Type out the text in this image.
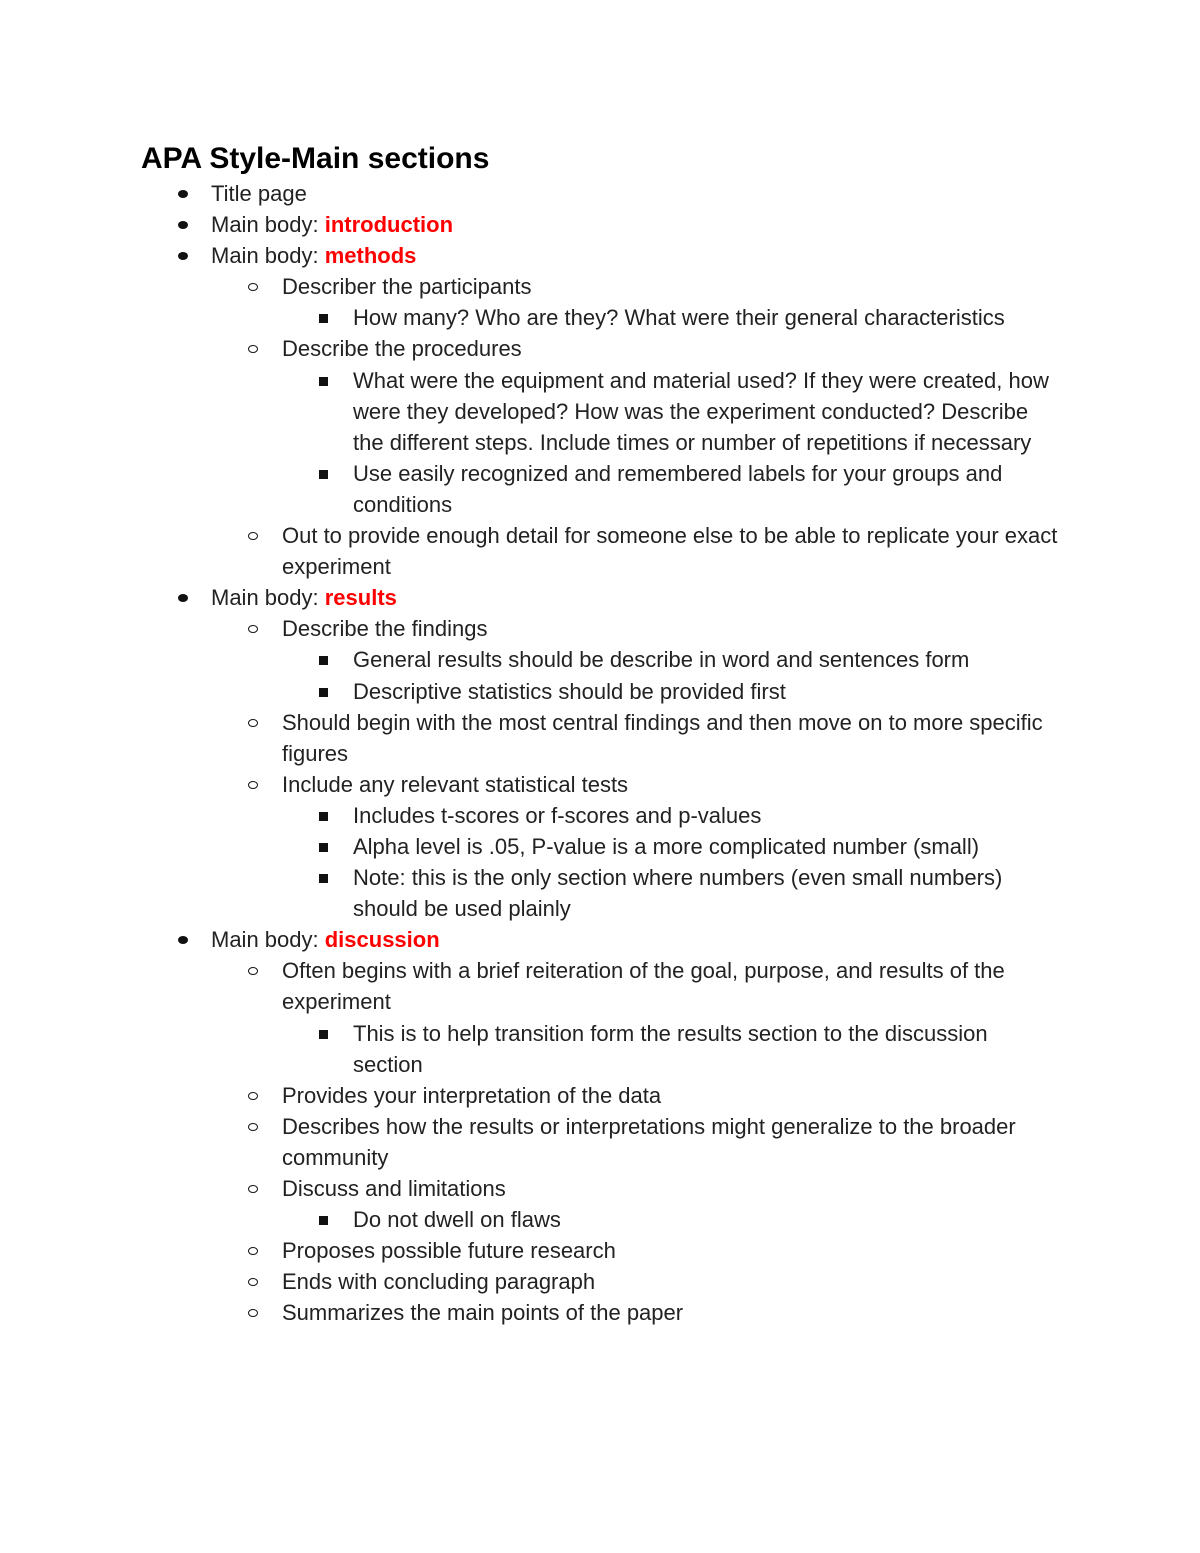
APA Style-Main sections
Title page
Main body: introduction
Main body: methods
Describer the participants
How many? Who are they? What were their general characteristics
Describe the procedures
What were the equipment and material used? If they were created, how were they developed? How was the experiment conducted? Describe the different steps. Include times or number of repetitions if necessary
Use easily recognized and remembered labels for your groups and conditions
Out to provide enough detail for someone else to be able to replicate your exact experiment
Main body: results
Describe the findings
General results should be describe in word and sentences form
Descriptive statistics should be provided first
Should begin with the most central findings and then move on to more specific figures
Include any relevant statistical tests
Includes t-scores or f-scores and p-values
Alpha level is .05, P-value is a more complicated number (small)
Note: this is the only section where numbers (even small numbers) should be used plainly
Main body: discussion
Often begins with a brief reiteration of the goal, purpose, and results of the experiment
This is to help transition form the results section to the discussion section
Provides your interpretation of the data
Describes how the results or interpretations might generalize to the broader community
Discuss and limitations
Do not dwell on flaws
Proposes possible future research
Ends with concluding paragraph
Summarizes the main points of the paper
